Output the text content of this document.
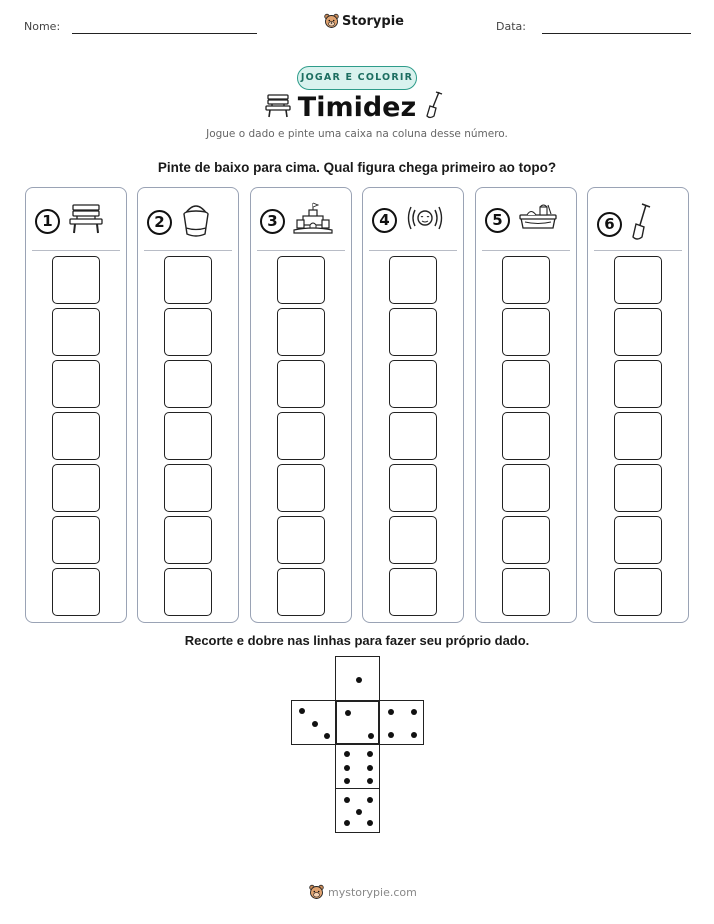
Nome:	Storypie	Data:
JOGAR E COLORIR
Timidez
Jogue o dado e pinte uma caixa na coluna desse número.
Pinte de baixo para cima. Qual figura chega primeiro ao topo?
1	2	3	4	5	6
Recorte e dobre nas linhas para fazer seu próprio dado.
mystorypie.com
